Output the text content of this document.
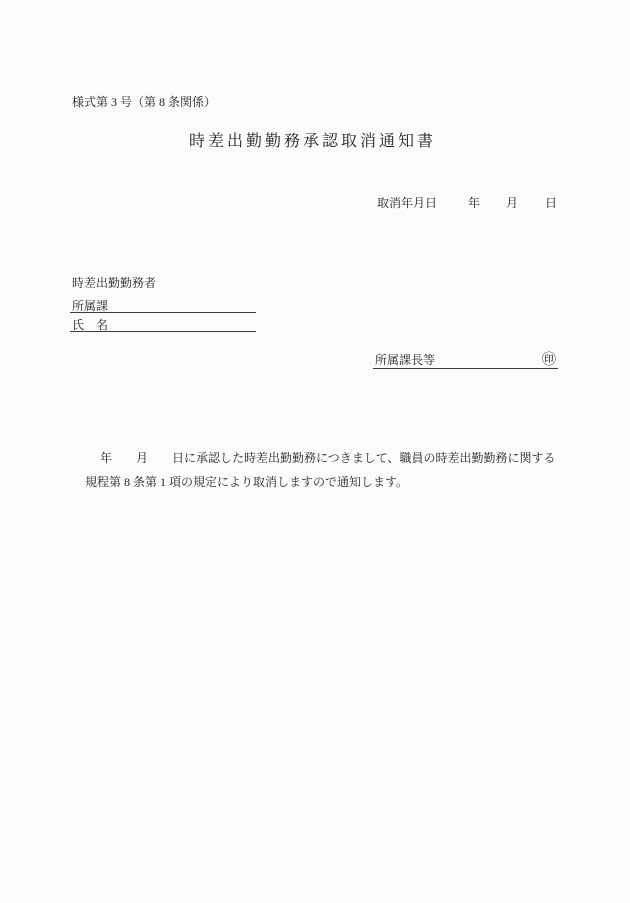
様式第 3 号（第 8 条関係）
時差出勤勤務承認取消通知書
取消年月日	年 月 日
時差出勤勤務者
所属課
氏　名
所属課長等	㊞
年　　月　　日に承認した時差出勤勤務につきまして、職員の時差出勤勤務に関する
規程第 8 条第 1 項の規定により取消しますので通知します。
